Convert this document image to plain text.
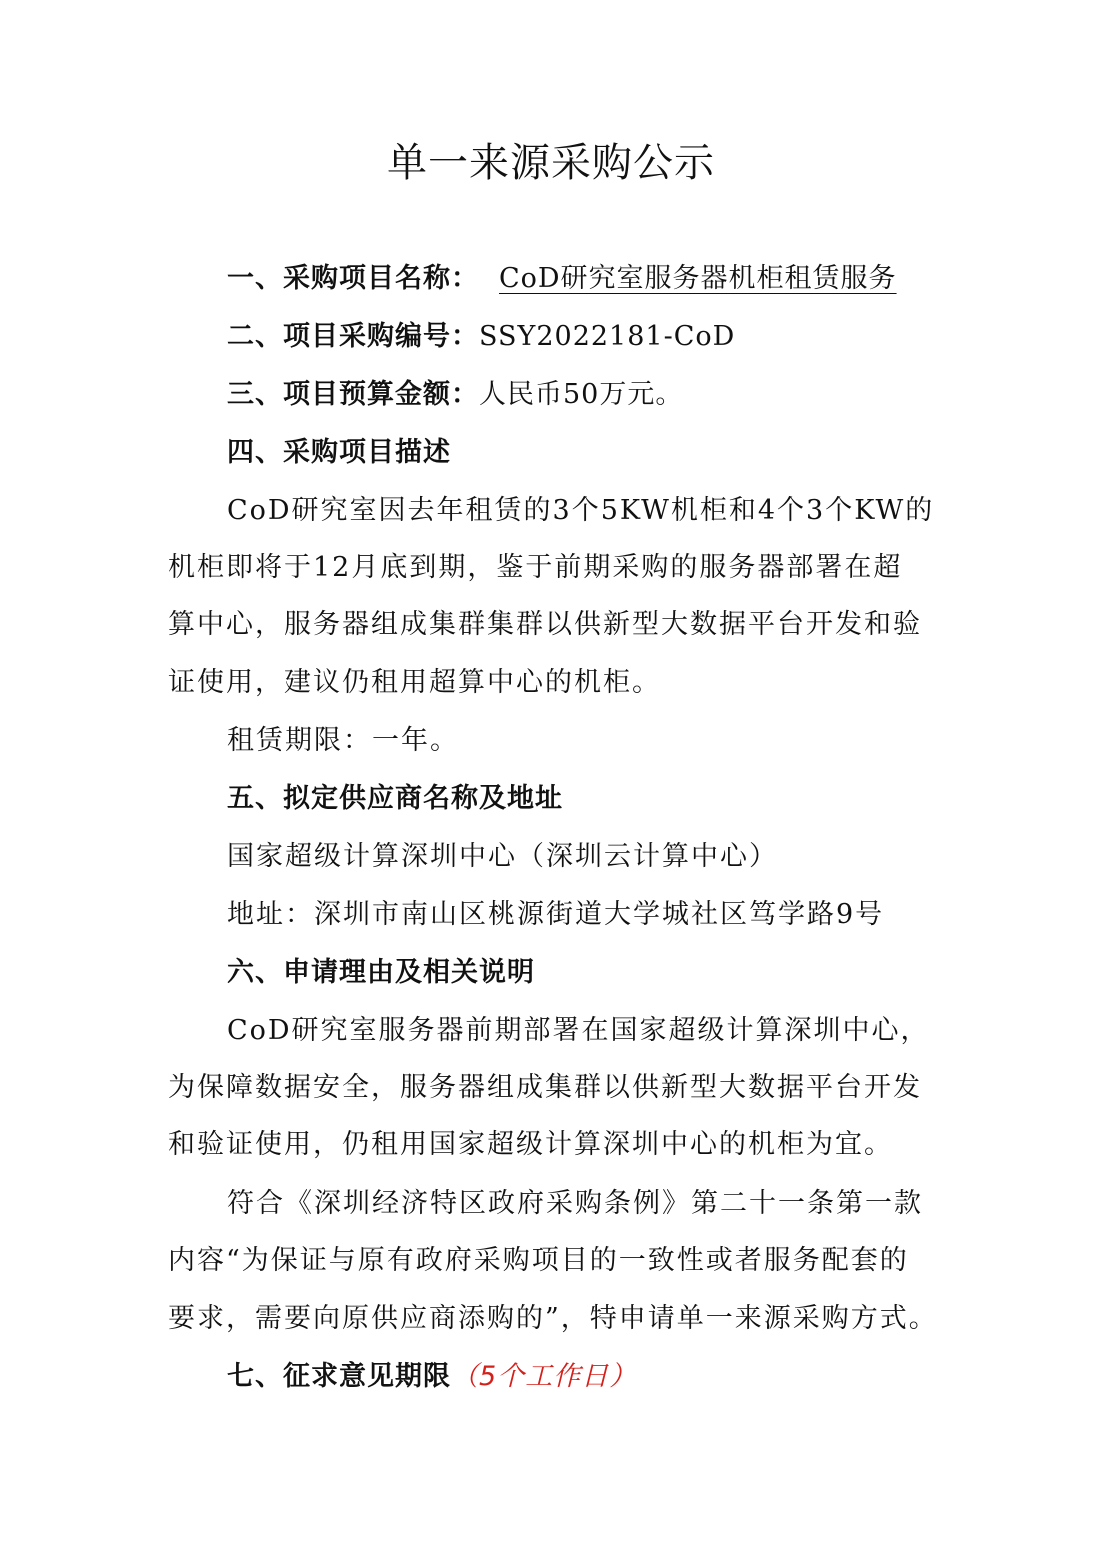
单一来源采购公示
一、采购项目名称： CoD研究室服务器机柜租赁服务
二、项目采购编号：SSY2022181-CoD
三、项目预算金额：人民币50万元。
四、采购项目描述
CoD研究室因去年租赁的3个5KW机柜和4个3个KW的
机柜即将于12月底到期，鉴于前期采购的服务器部署在超
算中心，服务器组成集群集群以供新型大数据平台开发和验
证使用，建议仍租用超算中心的机柜。
租赁期限：一年。
五、拟定供应商名称及地址
国家超级计算深圳中心（深圳云计算中心）
地址：深圳市南山区桃源街道大学城社区笃学路9号
六、申请理由及相关说明
CoD研究室服务器前期部署在国家超级计算深圳中心，
为保障数据安全，服务器组成集群以供新型大数据平台开发
和验证使用，仍租用国家超级计算深圳中心的机柜为宜。
符合《深圳经济特区政府采购条例》第二十一条第一款
内容“为保证与原有政府采购项目的一致性或者服务配套的
要求，需要向原供应商添购的”，特申请单一来源采购方式。
七、征求意见期限（5个工作日）
